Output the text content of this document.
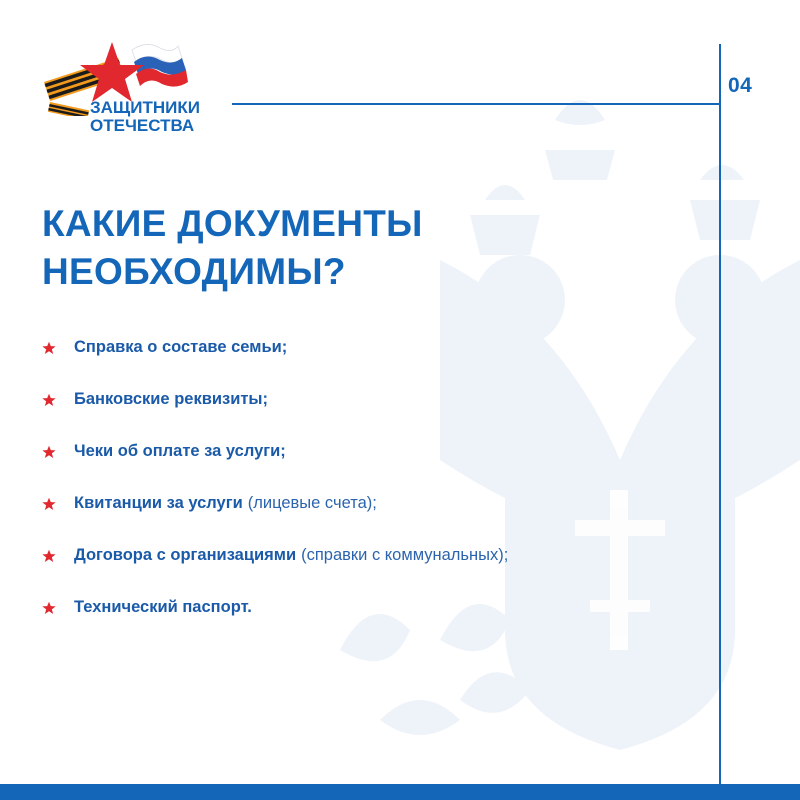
04
ЗАЩИТНИКИ
ОТЕЧЕСТВА
КАКИЕ ДОКУМЕНТЫ
НЕОБХОДИМЫ?
Справка о составе семьи;
Банковские реквизиты;
Чеки об оплате за услуги;
Квитанции за услуги (лицевые счета);
Договора с организациями (справки с коммунальных);
Технический паспорт.
